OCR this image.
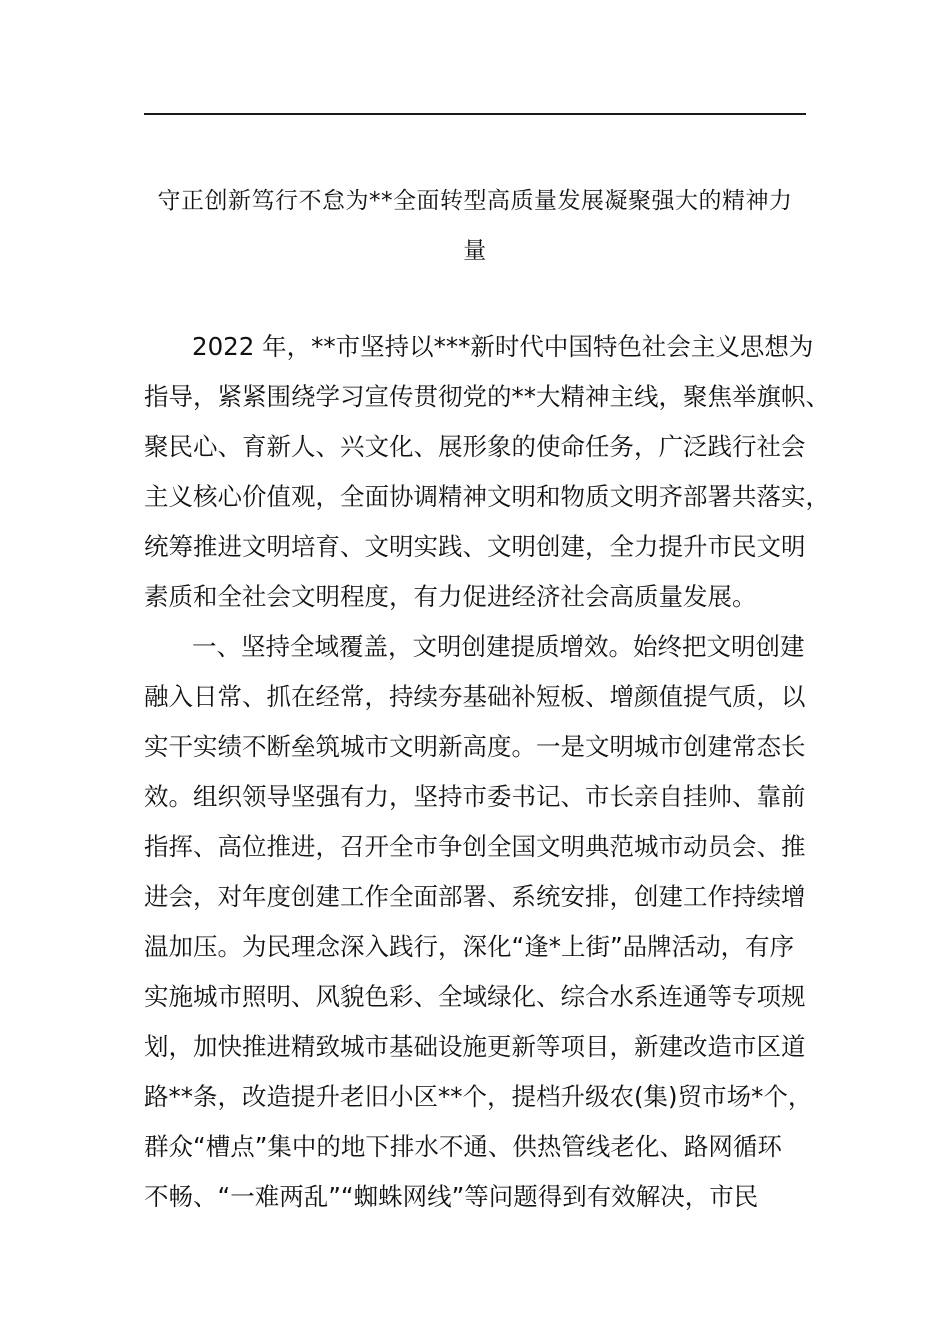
守正创新笃行不怠为**全面转型高质量发展凝聚强大的精神力
量
2022 年，**市坚持以***新时代中国特色社会主义思想为
指导，紧紧围绕学习宣传贯彻党的**大精神主线，聚焦举旗帜、
聚民心、育新人、兴文化、展形象的使命任务，广泛践行社会
主义核心价值观，全面协调精神文明和物质文明齐部署共落实，
统筹推进文明培育、文明实践、文明创建，全力提升市民文明
素质和全社会文明程度，有力促进经济社会高质量发展。
一、坚持全域覆盖，文明创建提质增效。始终把文明创建
融入日常、抓在经常，持续夯基础补短板、增颜值提气质，以
实干实绩不断垒筑城市文明新高度。一是文明城市创建常态长
效。组织领导坚强有力，坚持市委书记、市长亲自挂帅、靠前
指挥、高位推进，召开全市争创全国文明典范城市动员会、推
进会，对年度创建工作全面部署、系统安排，创建工作持续增
温加压。为民理念深入践行，深化“逢*上街”品牌活动，有序
实施城市照明、风貌色彩、全域绿化、综合水系连通等专项规
划，加快推进精致城市基础设施更新等项目，新建改造市区道
路**条，改造提升老旧小区**个，提档升级农(集)贸市场*个，
群众“槽点”集中的地下排水不通、供热管线老化、路网循环
不畅、“一难两乱”“蜘蛛网线”等问题得到有效解决，市民
